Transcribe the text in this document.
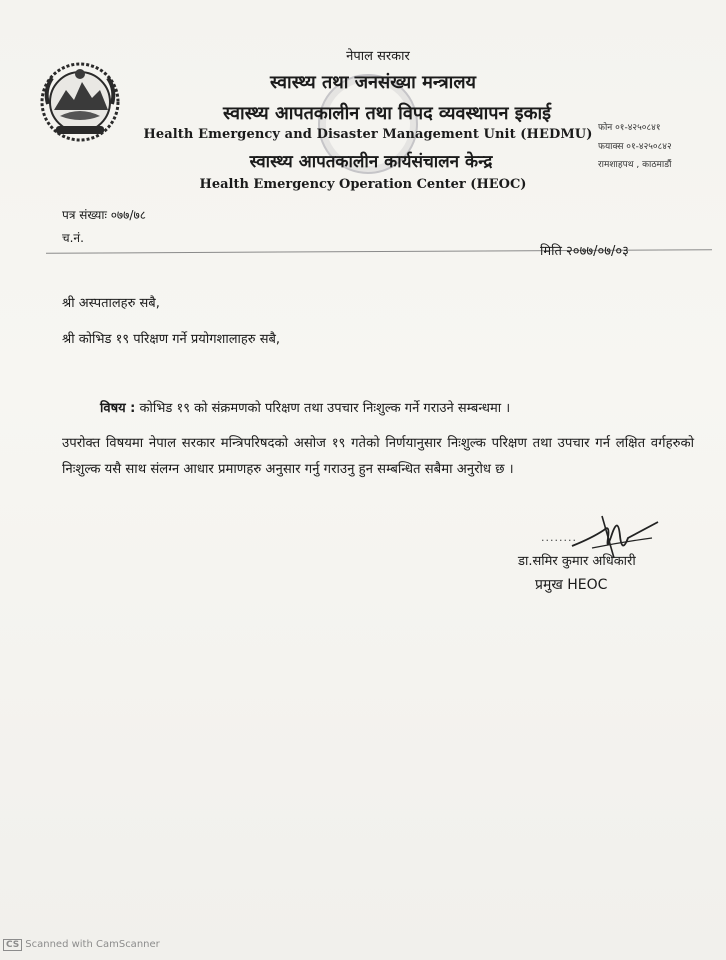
नेपाल सरकार
स्वास्थ्य तथा जनसंख्या मन्त्रालय
स्वास्थ्य आपतकालीन तथा विपद व्यवस्थापन इकाई
Health Emergency and Disaster Management Unit (HEDMU)
स्वास्थ्य आपतकालीन कार्यसंचालन केन्द्र
Health Emergency Operation Center (HEOC)
फोन ०१-४२५०८४१
फयाक्स ०१-४२५०८४२
रामशाहपथ , काठमाडौं
पत्र संख्याः ०७७/७८
च.नं.
मिति २०७७/०७/०३
श्री अस्पतालहरु सबै,
श्री कोभिड १९ परिक्षण गर्ने प्रयोगशालाहरु सबै,
विषय : कोभिड १९ को संक्रमणको परिक्षण तथा उपचार निःशुल्क गर्ने गराउने सम्बन्धमा ।
उपरोक्त विषयमा नेपाल सरकार मन्त्रिपरिषदको असोज १९ गतेको निर्णयानुसार निःशुल्क परिक्षण तथा उपचार गर्न लक्षित वर्गहरुको निःशुल्क यसै साथ संलग्न आधार प्रमाणहरु अनुसार गर्नु गराउनु हुन सम्बन्धित सबैमा अनुरोध छ ।
........
डा.समिर कुमार अधिकारी
प्रमुख HEOC
CS Scanned with CamScanner
